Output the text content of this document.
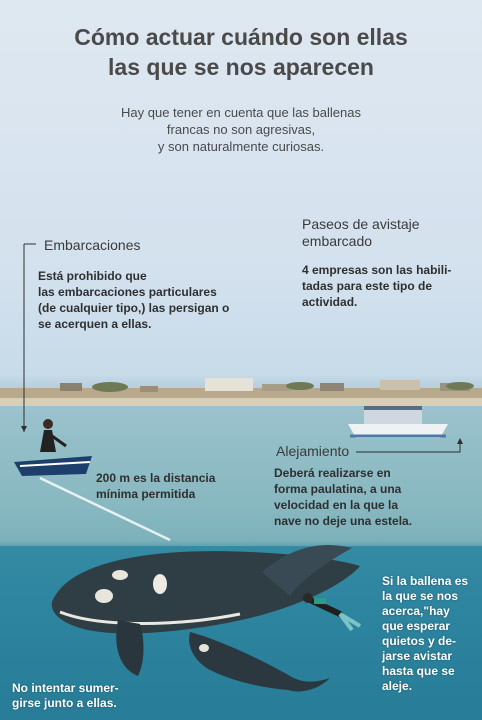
Cómo actuar cuándo son ellas
las que se nos aparecen
Hay que tener en cuenta que las ballenas
francas no son agresivas,
y son naturalmente curiosas.
Embarcaciones
Está prohibido que
las embarcaciones particulares
(de cualquier tipo,) las persigan o
se acerquen a ellas.
Paseos de avistaje
embarcado
4 empresas son las habili-
tadas para este tipo de
actividad.
200 m es la distancia
mínima permitida
Alejamiento
Deberá realizarse en
forma paulatina, a una
velocidad en la que la
nave no deje una estela.
Si la ballena es
la que se nos
acerca,"hay
que esperar
quietos y de-
jarse avistar
hasta que se
aleje.
No intentar sumer-
girse junto a ellas.
